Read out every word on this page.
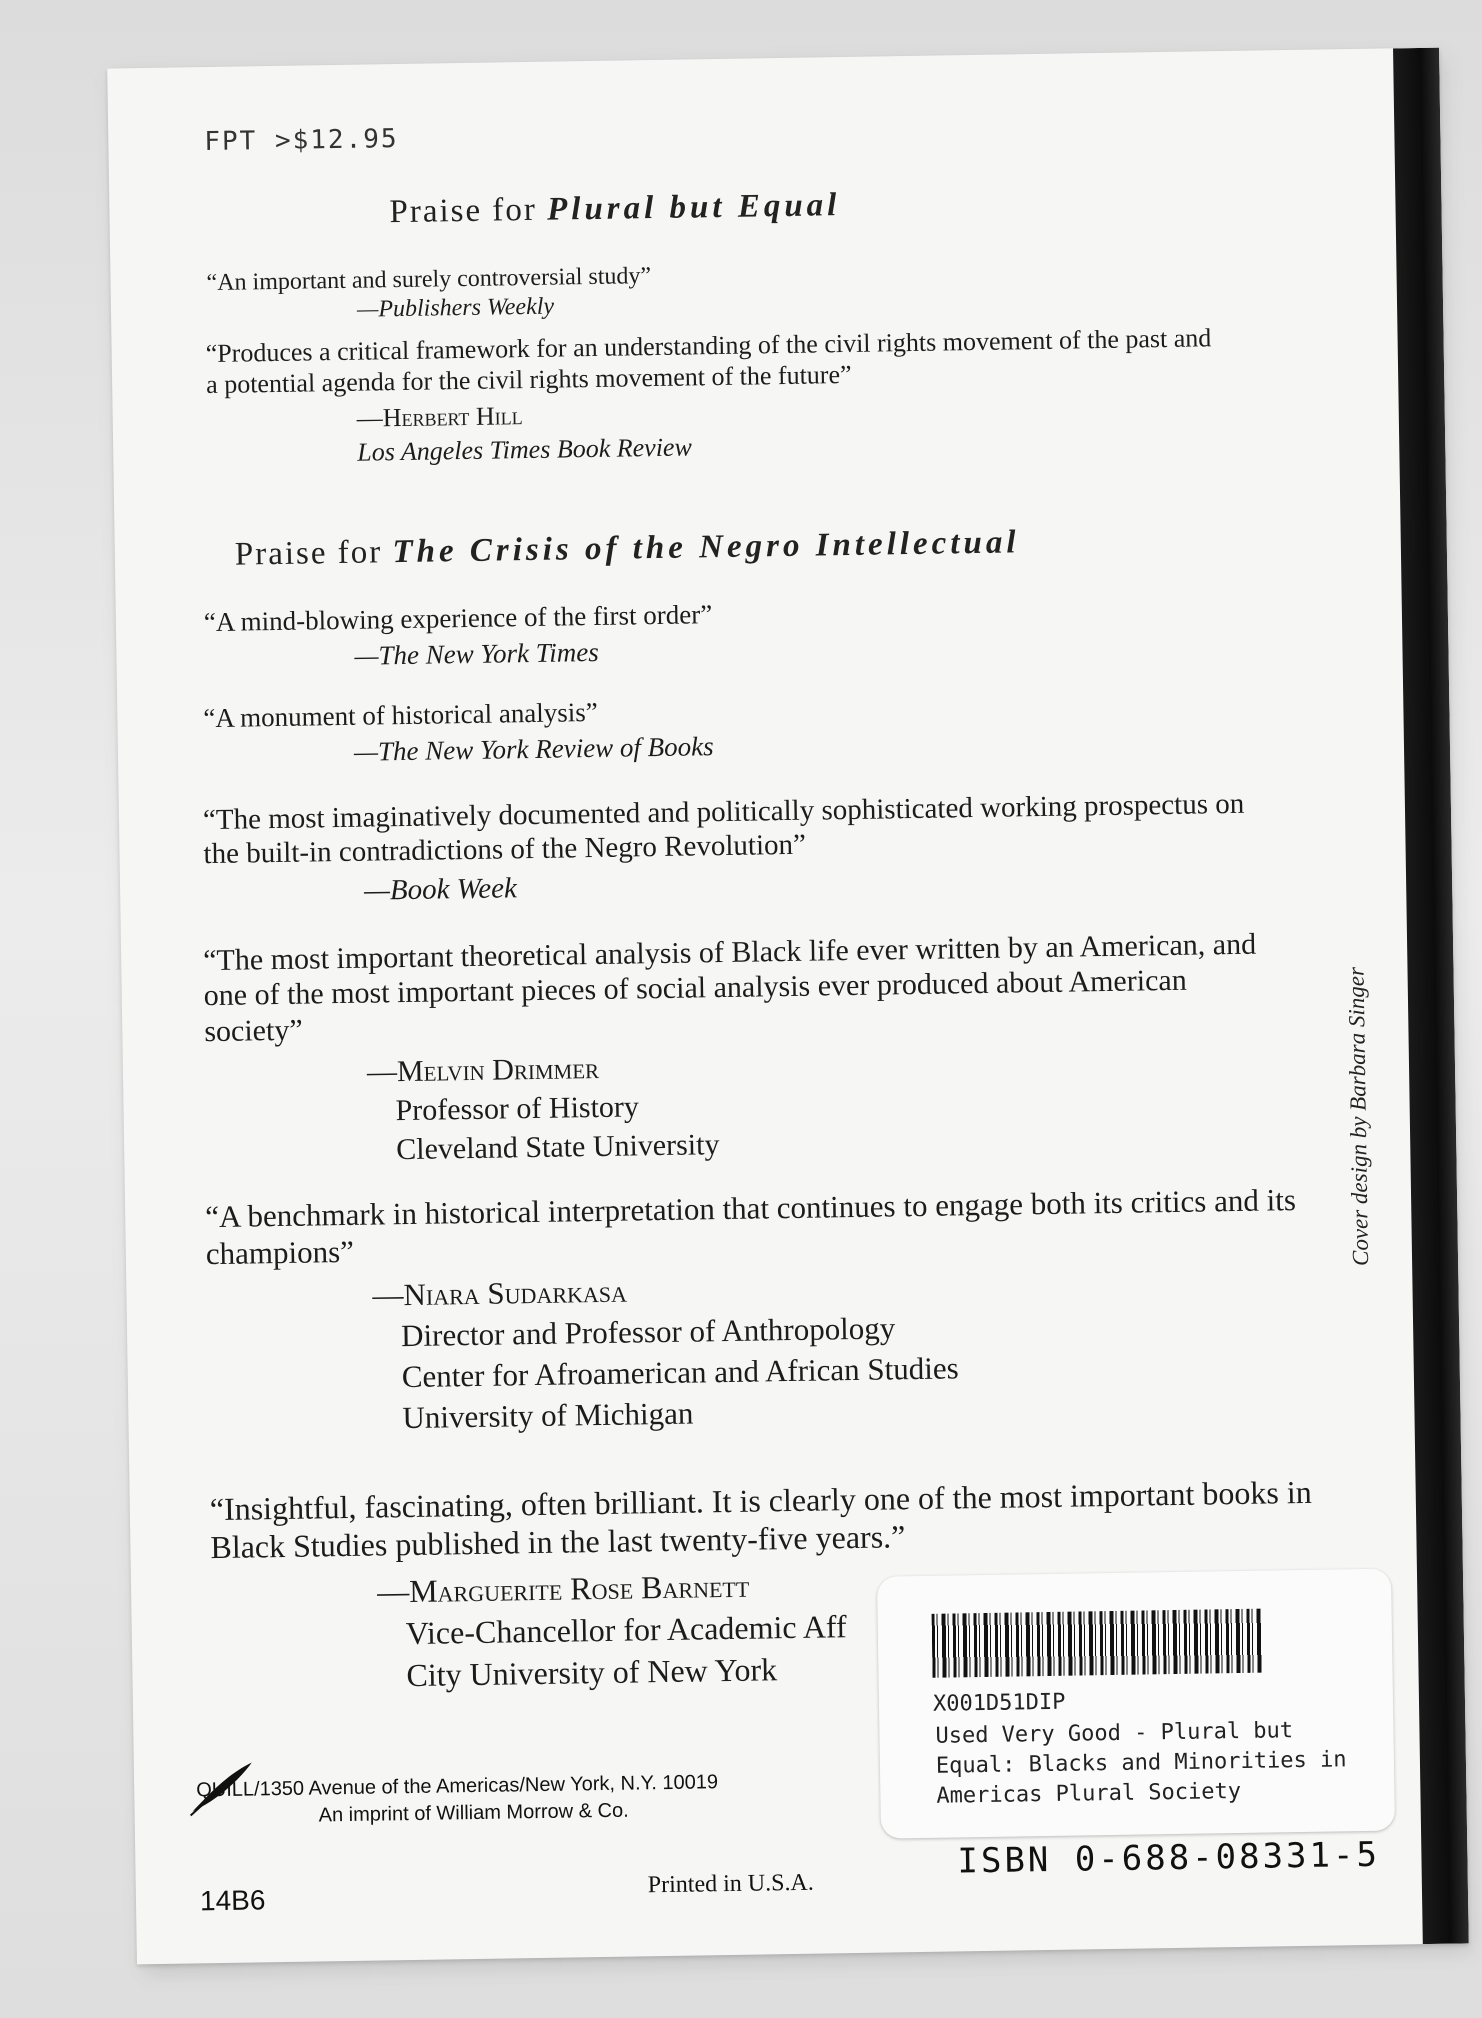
FPT >$12.95
Praise for Plural but Equal

“An important and surely controversial study”

—Publishers Weekly

“Produces a critical framework for an understanding of the civil rights movement of the past and a potential agenda for the civil rights movement of the future”

—Herbert Hill
Los Angeles Times Book Review
Praise for The Crisis of the Negro Intellectual

“A mind-blowing experience of the first order”

—The New York Times

“A monument of historical analysis”

—The New York Review of Books

“The most imaginatively documented and politically sophisticated working prospectus on the built-in contradictions of the Negro Revolution”

—Book Week

“The most important theoretical analysis of Black life ever written by an American, and one of the most important pieces of social analysis ever produced about American society”

—Melvin Drimmer
Professor of History
Cleveland State University

“A benchmark in historical interpretation that continues to engage both its critics and its champions”

—Niara Sudarkasa
Director and Professor of Anthropology
Center for Afroamerican and African Studies
University of Michigan

“Insightful, fascinating, often brilliant. It is clearly one of the most important books in Black Studies published in the last twenty-five years.”

—Marguerite Rose Barnett
Vice-Chancellor for Academic Aff
City University of New York
QUILL/1350 Avenue of the Americas/New York, N.Y. 10019
An imprint of William Morrow & Co.
14B6
Printed in U.S.A.
ISBN 0-688-08331-5
Cover design by Barbara Singer
X001D51DIP
Used Very Good - Plural but Equal: Blacks and Minorities in Americas Plural Society
